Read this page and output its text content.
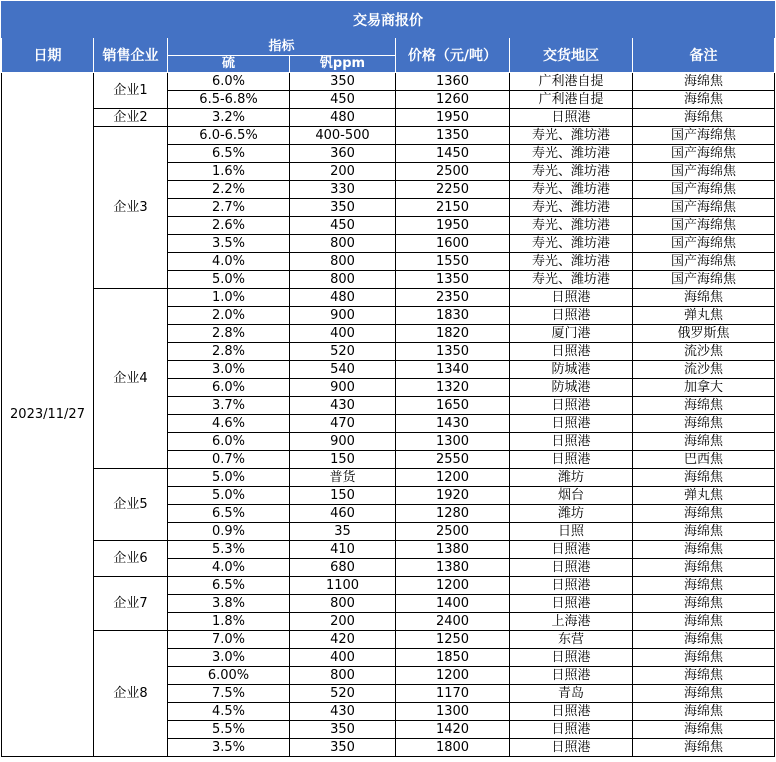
交易商报价						
日期	销售企业	指标		价格（元/吨）	交货地区	备注
		硫	钒ppm			
2023/11/27	企业1	6.0%	350	1360	广利港自提	海绵焦
		6.5-6.8%	450	1260	广利港自提	海绵焦
	企业2	3.2%	480	1950	日照港	海绵焦
	企业3	6.0-6.5%	400-500	1350	寿光、潍坊港	国产海绵焦
		6.5%	360	1450	寿光、潍坊港	国产海绵焦
		1.6%	200	2500	寿光、潍坊港	国产海绵焦
		2.2%	330	2250	寿光、潍坊港	国产海绵焦
		2.7%	350	2150	寿光、潍坊港	国产海绵焦
		2.6%	450	1950	寿光、潍坊港	国产海绵焦
		3.5%	800	1600	寿光、潍坊港	国产海绵焦
		4.0%	800	1550	寿光、潍坊港	国产海绵焦
		5.0%	800	1350	寿光、潍坊港	国产海绵焦
	企业4	1.0%	480	2350	日照港	海绵焦
		2.0%	900	1830	日照港	弹丸焦
		2.8%	400	1820	厦门港	俄罗斯焦
		2.8%	520	1350	日照港	流沙焦
		3.0%	540	1340	防城港	流沙焦
		6.0%	900	1320	防城港	加拿大
		3.7%	430	1650	日照港	海绵焦
		4.6%	470	1430	日照港	海绵焦
		6.0%	900	1300	日照港	海绵焦
		0.7%	150	2550	日照港	巴西焦
	企业5	5.0%	普货	1200	潍坊	海绵焦
		5.0%	150	1920	烟台	弹丸焦
		6.5%	460	1280	潍坊	海绵焦
		0.9%	35	2500	日照	海绵焦
	企业6	5.3%	410	1380	日照港	海绵焦
		4.0%	680	1380	日照港	海绵焦
	企业7	6.5%	1100	1200	日照港	海绵焦
		3.8%	800	1400	日照港	海绵焦
		1.8%	200	2400	上海港	海绵焦
	企业8	7.0%	420	1250	东营	海绵焦
		3.0%	400	1850	日照港	海绵焦
		6.00%	800	1200	日照港	海绵焦
		7.5%	520	1170	青岛	海绵焦
		4.5%	430	1300	日照港	海绵焦
		5.5%	350	1420	日照港	海绵焦
		3.5%	350	1800	日照港	海绵焦
